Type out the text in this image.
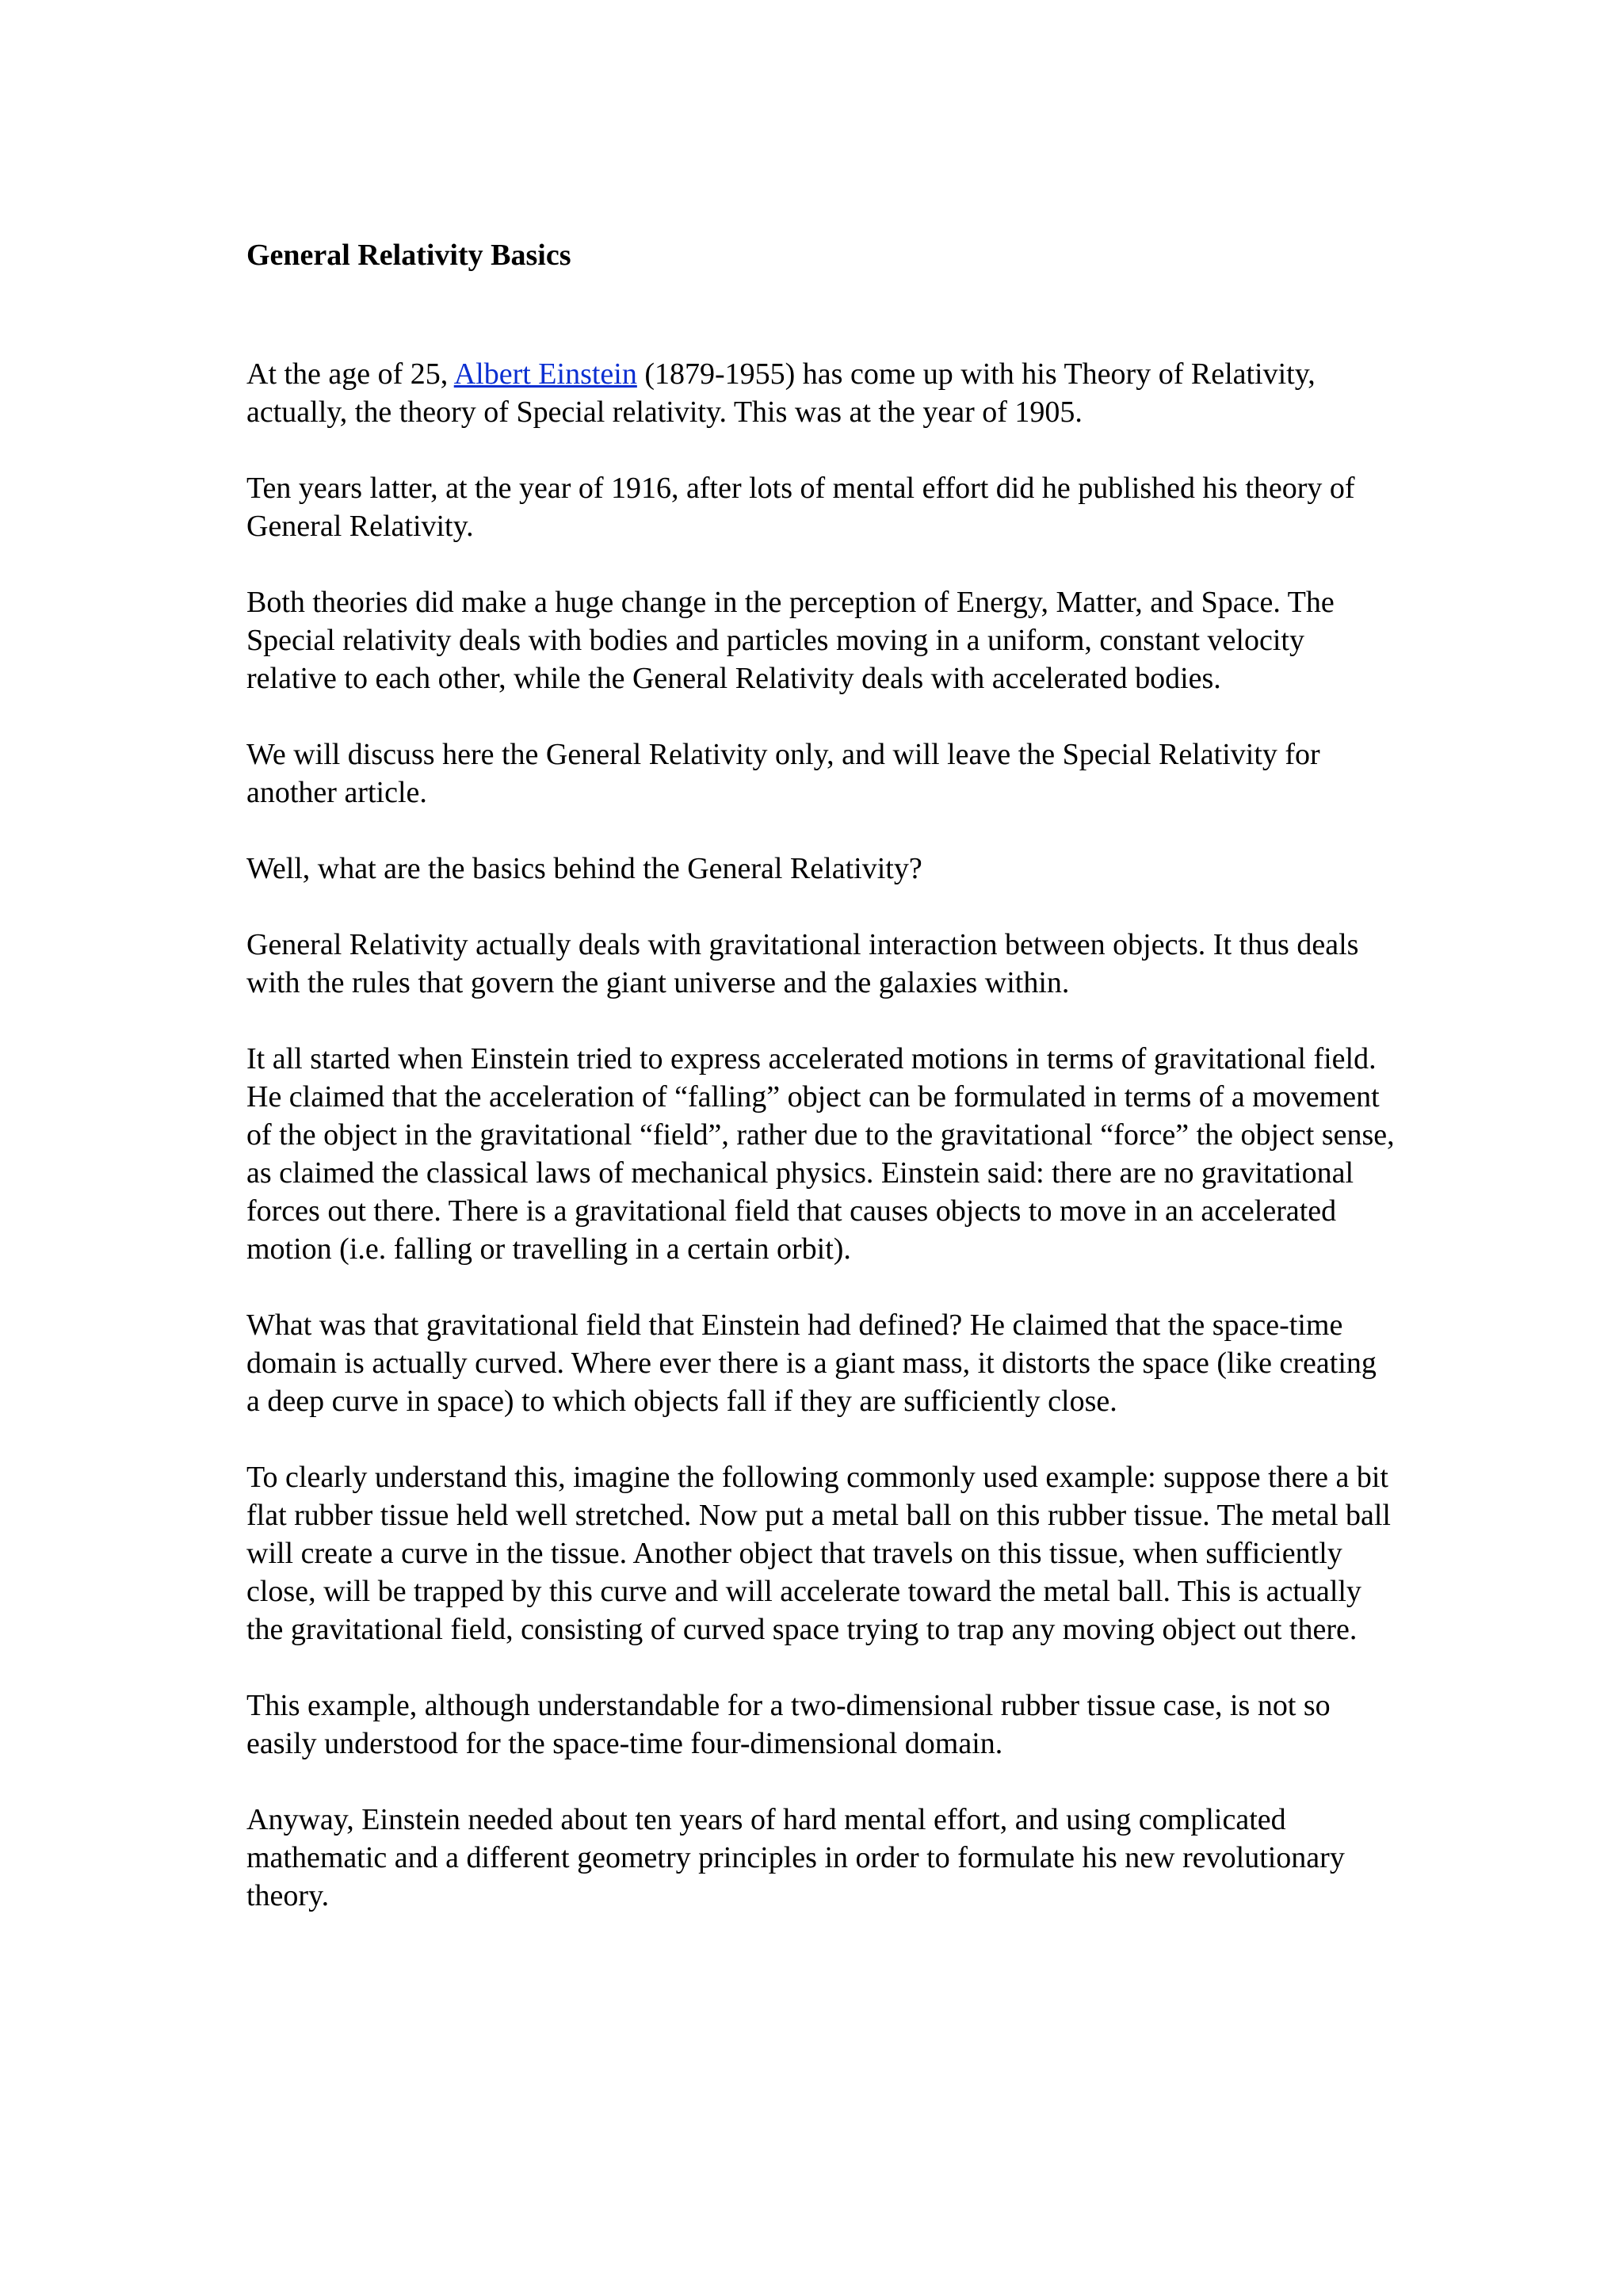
General Relativity Basics

At the age of 25, Albert Einstein (1879-1955) has come up with his Theory of Relativity, actually, the theory of Special relativity. This was at the year of 1905.

Ten years latter, at the year of 1916, after lots of mental effort did he published his theory of General Relativity.

Both theories did make a huge change in the perception of Energy, Matter, and Space. The Special relativity deals with bodies and particles moving in a uniform, constant velocity relative to each other, while the General Relativity deals with accelerated bodies.

We will discuss here the General Relativity only, and will leave the Special Relativity for another article.

Well, what are the basics behind the General Relativity?

General Relativity actually deals with gravitational interaction between objects. It thus deals with the rules that govern the giant universe and the galaxies within.

It all started when Einstein tried to express accelerated motions in terms of gravitational field. He claimed that the acceleration of “falling” object can be formulated in terms of a movement of the object in the gravitational “field”, rather due to the gravitational “force” the object sense, as claimed the classical laws of mechanical physics. Einstein said: there are no gravitational forces out there. There is a gravitational field that causes objects to move in an accelerated motion (i.e. falling or travelling in a certain orbit).

What was that gravitational field that Einstein had defined? He claimed that the space-time domain is actually curved. Where ever there is a giant mass, it distorts the space (like creating a deep curve in space) to which objects fall if they are sufficiently close.

To clearly understand this, imagine the following commonly used example: suppose there a bit flat rubber tissue held well stretched. Now put a metal ball on this rubber tissue. The metal ball will create a curve in the tissue. Another object that travels on this tissue, when sufficiently close, will be trapped by this curve and will accelerate toward the metal ball. This is actually the gravitational field, consisting of curved space trying to trap any moving object out there.

This example, although understandable for a two-dimensional rubber tissue case, is not so easily understood for the space-time four-dimensional domain.

Anyway, Einstein needed about ten years of hard mental effort, and using complicated mathematic and a different geometry principles in order to formulate his new revolutionary theory.
